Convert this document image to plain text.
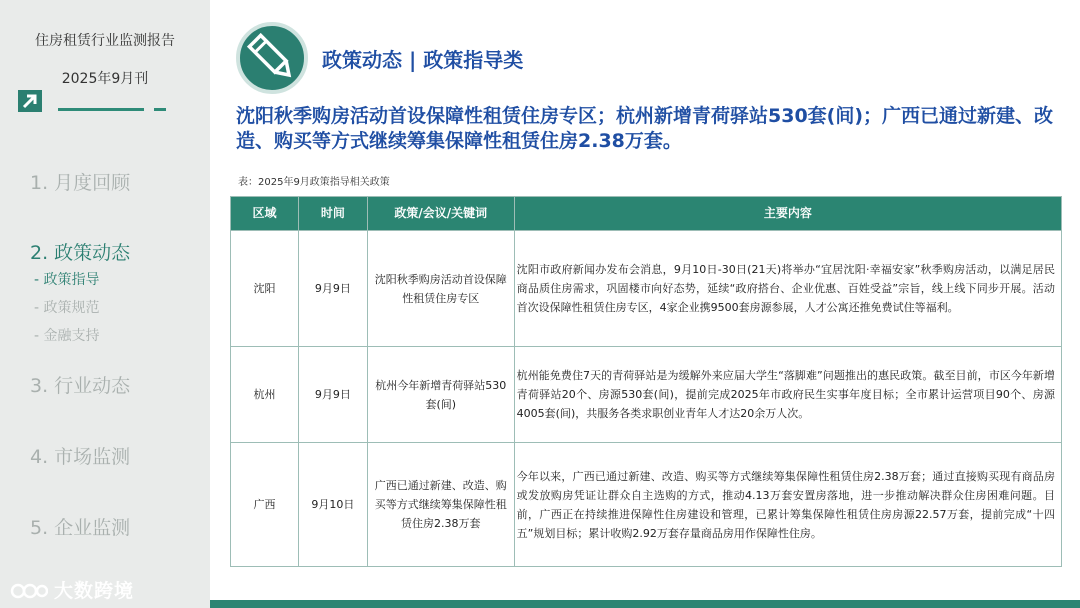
住房租赁行业监测报告
2025年9月刊
1. 月度回顾
2. 政策动态
- 政策指导
- 政策规范
- 金融支持
3. 行业动态
4. 市场监测
5. 企业监测
大数跨境
政策动态 | 政策指导类
沈阳秋季购房活动首设保障性租赁住房专区；杭州新增青荷驿站530套(间)；广西已通过新建、改造、购买等方式继续筹集保障性租赁住房2.38万套。
表：2025年9月政策指导相关政策
区域	时间	政策/会议/关键词	主要内容
沈阳	9月9日	沈阳秋季购房活动首设保障性租赁住房专区	沈阳市政府新闻办发布会消息，9月10日-30日(21天)将举办“宜居沈阳·幸福安家”秋季购房活动，以满足居民商品质住房需求，巩固楼市向好态势，延续“政府搭台、企业优惠、百姓受益”宗旨，线上线下同步开展。活动首次设保障性租赁住房专区，4家企业携9500套房源参展，人才公寓还推免费试住等福利。
杭州	9月9日	杭州今年新增青荷驿站530套(间)	杭州能免费住7天的青荷驿站是为缓解外来应届大学生“落脚难”问题推出的惠民政策。截至目前，市区今年新增青荷驿站20个、房源530套(间)，提前完成2025年市政府民生实事年度目标；全市累计运营项目90个、房源4005套(间)，共服务各类求职创业青年人才达20余万人次。
广西	9月10日	广西已通过新建、改造、购买等方式继续筹集保障性租赁住房2.38万套	今年以来，广西已通过新建、改造、购买等方式继续筹集保障性租赁住房2.38万套；通过直接购买现有商品房或发放购房凭证让群众自主选购的方式，推动4.13万套安置房落地，进一步推动解决群众住房困难问题。目前，广西正在持续推进保障性住房建设和管理，已累计筹集保障性租赁住房房源22.57万套，提前完成“十四五”规划目标；累计收购2.92万套存量商品房用作保障性住房。
